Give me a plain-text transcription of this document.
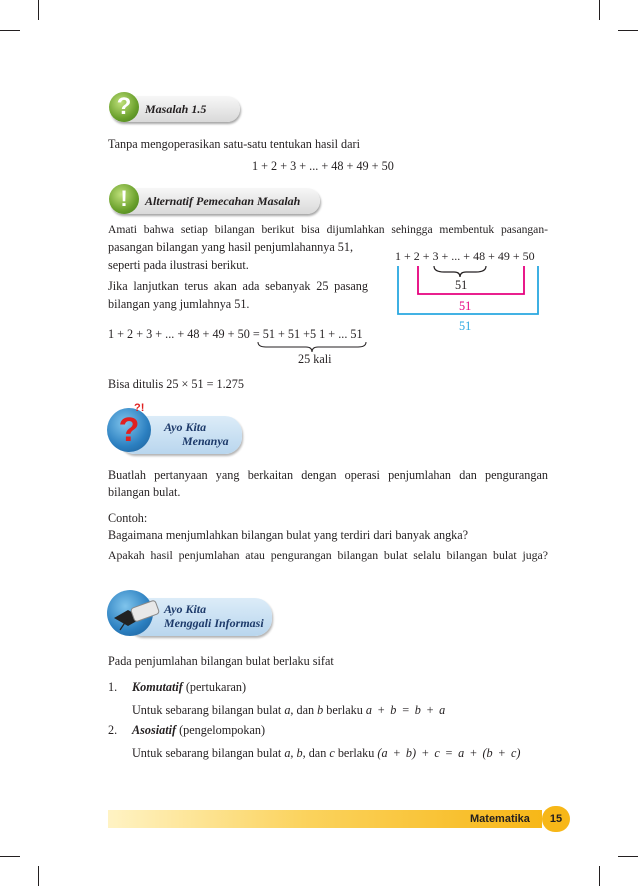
?	Masalah 1.5
Tanpa mengoperasikan satu-satu tentukan hasil dari
1 + 2 + 3 + ... + 48 + 49 + 50
!	Alternatif Pemecahan Masalah
Amati bahwa setiap bilangan berikut bisa dijumlahkan sehingga membentuk pasangan-
pasangan bilangan yang hasil penjumlahannya 51,
seperti pada ilustrasi berikut.
Jika lanjutkan terus akan ada sebanyak 25 pasang
bilangan yang jumlahnya 51.
1 + 2 + 3 + ... + 48 + 49 + 50
51
51
51
1 + 2 + 3 + ... + 48 + 49 + 50 = 51 + 51 +5 1 + ... 51
25 kali
Bisa ditulis 25 × 51 = 1.275
?
?!
Ayo Kita
Menanya
Buatlah pertanyaan yang berkaitan dengan operasi penjumlahan dan pengurangan
bilangan bulat.
Contoh:
Bagaimana menjumlahkan bilangan bulat yang terdiri dari banyak angka?
Apakah hasil penjumlahan atau pengurangan bilangan bulat selalu bilangan bulat juga?
Ayo Kita
Menggali Informasi
Pada penjumlahan bilangan bulat berlaku sifat
1. Komutatif (pertukaran)
Untuk sebarang bilangan bulat a, dan b berlaku a + b = b + a
2. Asosiatif (pengelompokan)
Untuk sebarang bilangan bulat a, b, dan c berlaku (a + b) + c = a + (b + c)
Matematika	15
